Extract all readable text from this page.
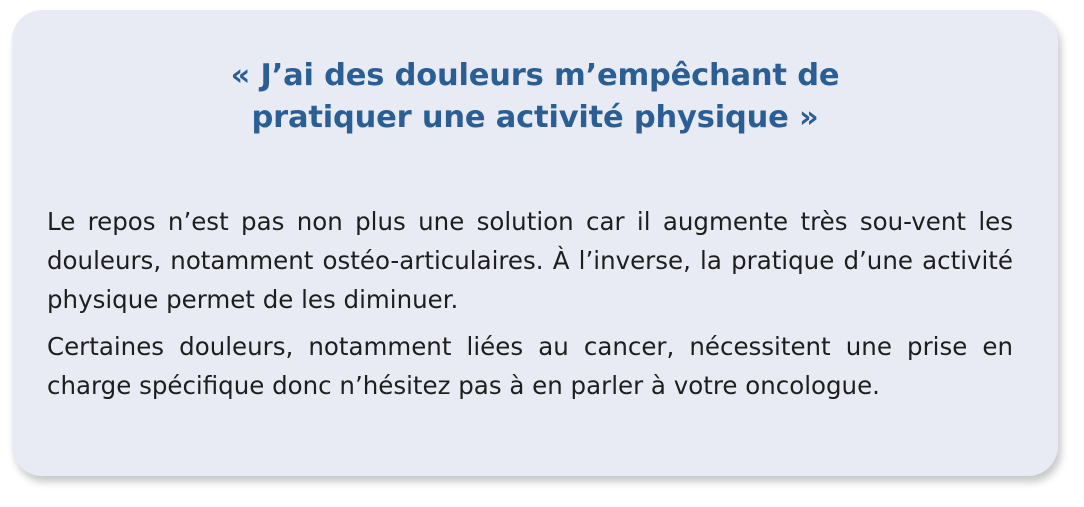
« J’ai des douleurs m’empêchant de
pratiquer une activité physique »

Le repos n’est pas non plus une solution car il augmente très sou-vent les douleurs, notamment ostéo-articulaires. À l’inverse, la pratique d’une activité physique permet de les diminuer.

Certaines douleurs, notamment liées au cancer, nécessitent une prise en charge spécifique donc n’hésitez pas à en parler à votre oncologue.
